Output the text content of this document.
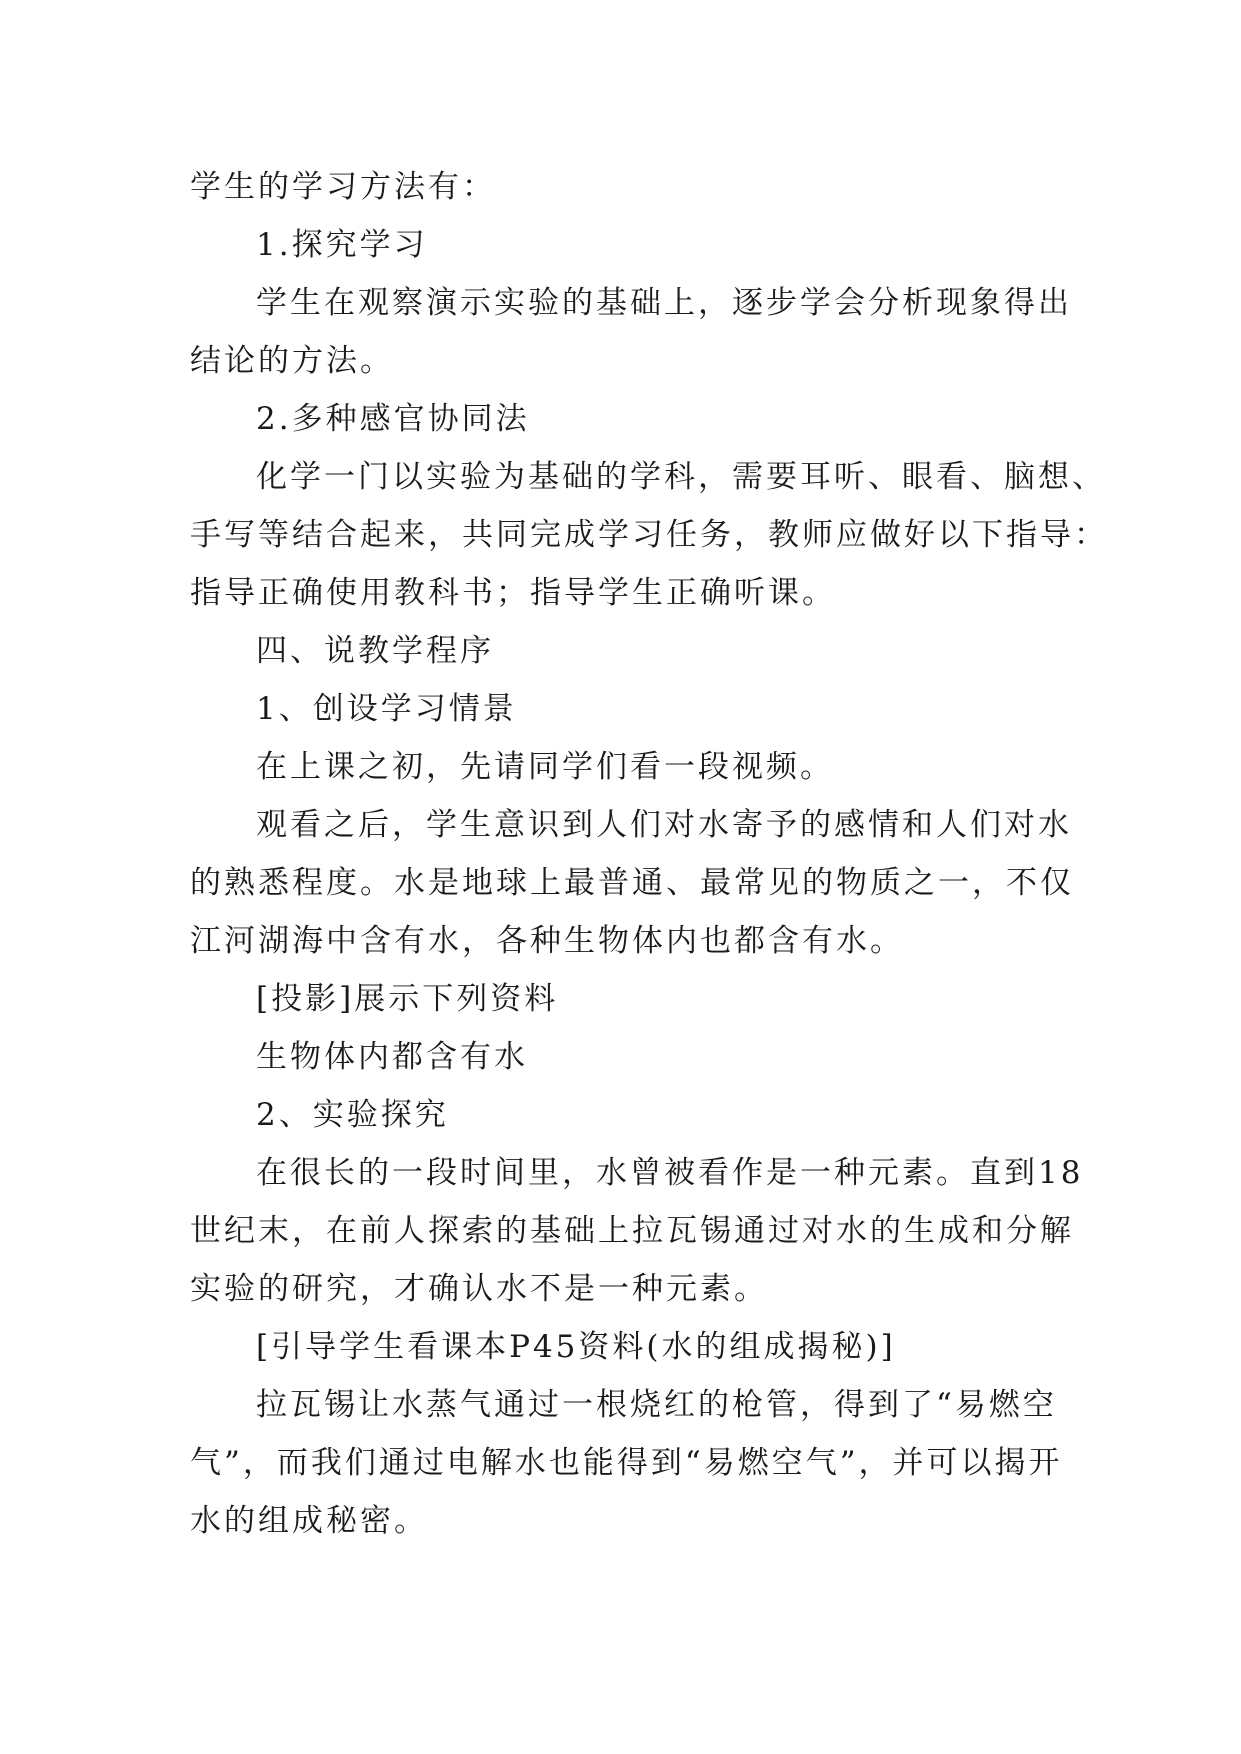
学生的学习方法有：
1.探究学习
学生在观察演示实验的基础上，逐步学会分析现象得出
结论的方法。
2.多种感官协同法
化学一门以实验为基础的学科，需要耳听、眼看、脑想、
手写等结合起来，共同完成学习任务，教师应做好以下指导：
指导正确使用教科书；指导学生正确听课。
四、说教学程序
1、创设学习情景
在上课之初，先请同学们看一段视频。
观看之后，学生意识到人们对水寄予的感情和人们对水
的熟悉程度。水是地球上最普通、最常见的物质之一，不仅
江河湖海中含有水，各种生物体内也都含有水。
[投影]展示下列资料
生物体内都含有水
2、实验探究
在很长的一段时间里，水曾被看作是一种元素。直到18
世纪末，在前人探索的基础上拉瓦锡通过对水的生成和分解
实验的研究，才确认水不是一种元素。
[引导学生看课本P45资料(水的组成揭秘)]
拉瓦锡让水蒸气通过一根烧红的枪管，得到了“易燃空
气”，而我们通过电解水也能得到“易燃空气”，并可以揭开
水的组成秘密。
